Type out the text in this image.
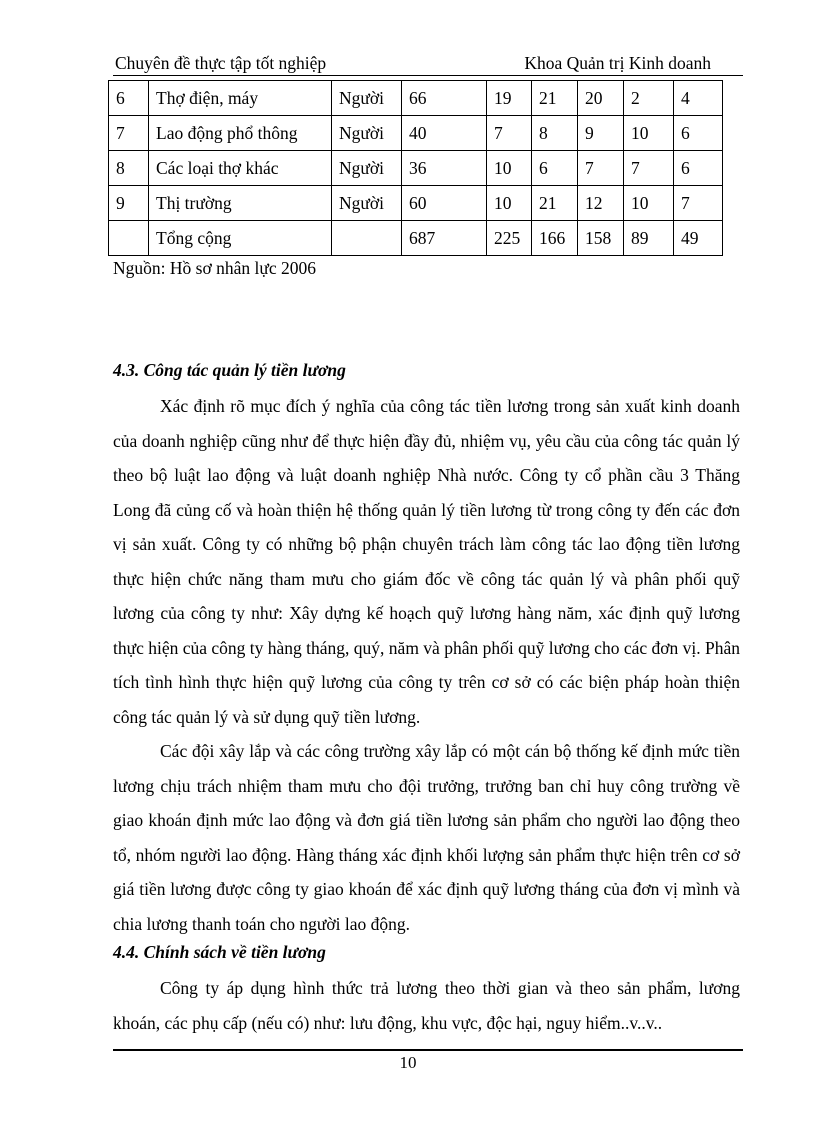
Chuyên đề thực tập tốt nghiệp	Khoa Quản trị Kinh doanh
6	Thợ điện, máy	Người	66	19	21	20	2	4
7	Lao động phổ thông	Người	40	7	8	9	10	6
8	Các loại thợ khác	Người	36	10	6	7	7	6
9	Thị trường	Người	60	10	21	12	10	7
	Tổng cộng		687	225	166	158	89	49
Nguồn: Hồ sơ nhân lực 2006
4.3. Công tác quản lý tiền lương

Xác định rõ mục đích ý nghĩa của công tác tiền lương trong sản xuất kinh doanh của doanh nghiệp cũng như để thực hiện đầy đủ, nhiệm vụ, yêu cầu của công tác quản lý theo bộ luật lao động và luật doanh nghiệp Nhà nước. Công ty cổ phần cầu 3 Thăng Long đã củng cố và hoàn thiện hệ thống quản lý tiền lương từ trong công ty đến các đơn vị sản xuất. Công ty có những bộ phận chuyên trách làm công tác lao động tiền lương thực hiện chức năng tham mưu cho giám đốc về công tác quản lý và phân phối quỹ lương của công ty như: Xây dựng kế hoạch quỹ lương hàng năm, xác định quỹ lương thực hiện của công ty hàng tháng, quý, năm và phân phối quỹ lương cho các đơn vị. Phân tích tình hình thực hiện quỹ lương của công ty trên cơ sở có các biện pháp hoàn thiện công tác quản lý và sử dụng quỹ tiền lương.

Các đội xây lắp và các công trường xây lắp có một cán bộ thống kế định mức tiền lương chịu trách nhiệm tham mưu cho đội trưởng, trưởng ban chỉ huy công trường về giao khoán định mức lao động và đơn giá tiền lương sản phẩm cho người lao động theo tổ, nhóm người lao động. Hàng tháng xác định khối lượng sản phẩm thực hiện trên cơ sở giá tiền lương được công ty giao khoán để xác định quỹ lương tháng của đơn vị mình và chia lương thanh toán cho người lao động.

4.4. Chính sách về tiền lương

Công ty áp dụng hình thức trả lương theo thời gian và theo sản phẩm, lương khoán, các phụ cấp (nếu có) như: lưu động, khu vực, độc hại, nguy hiểm..v..v..

10
